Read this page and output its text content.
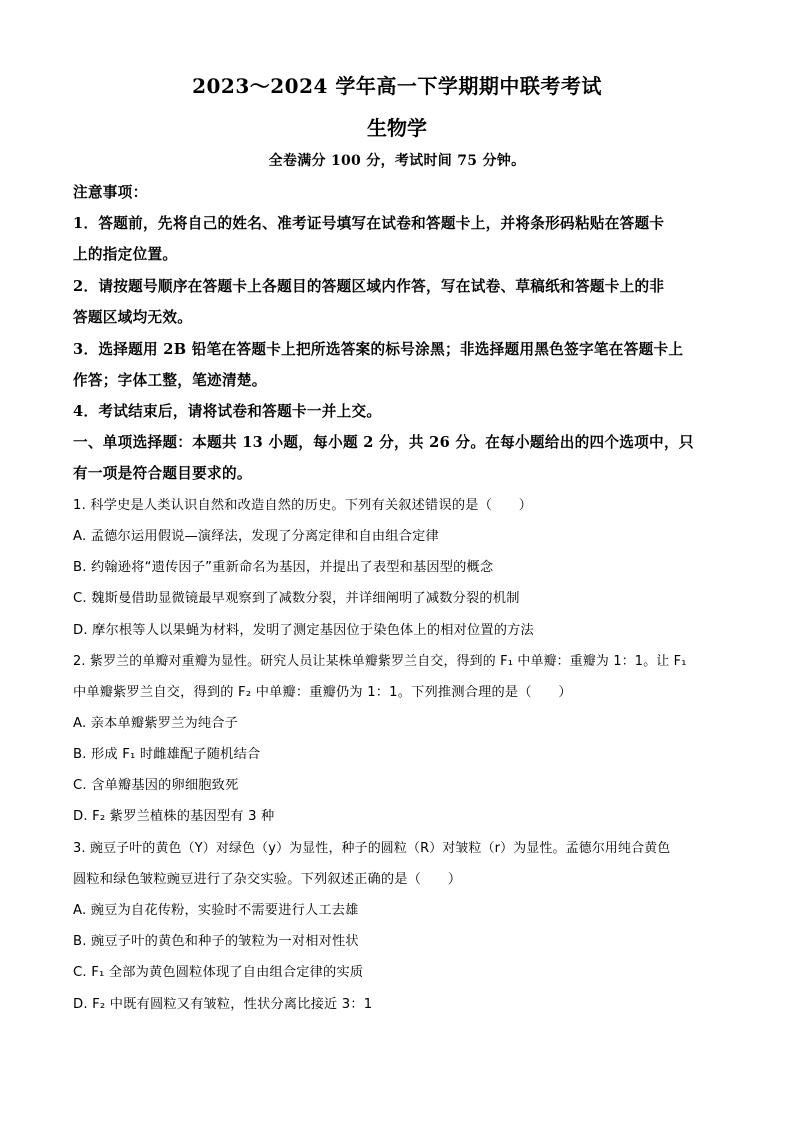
2023～2024 学年高一下学期期中联考考试
生物学
全卷满分 100 分，考试时间 75 分钟。
注意事项：
1．答题前，先将自己的姓名、准考证号填写在试卷和答题卡上，并将条形码粘贴在答题卡
上的指定位置。
2．请按题号顺序在答题卡上各题目的答题区域内作答，写在试卷、草稿纸和答题卡上的非
答题区域均无效。
3．选择题用 2B 铅笔在答题卡上把所选答案的标号涂黑；非选择题用黑色签字笔在答题卡上
作答；字体工整，笔迹清楚。
4．考试结束后，请将试卷和答题卡一并上交。
一、单项选择题：本题共 13 小题，每小题 2 分，共 26 分。在每小题给出的四个选项中，只
有一项是符合题目要求的。
1. 科学史是人类认识自然和改造自然的历史。下列有关叙述错误的是（　　）
A. 孟德尔运用假说—演绎法，发现了分离定律和自由组合定律
B. 约翰逊将“遗传因子”重新命名为基因，并提出了表型和基因型的概念
C. 魏斯曼借助显微镜最早观察到了减数分裂，并详细阐明了减数分裂的机制
D. 摩尔根等人以果蝇为材料，发明了测定基因位于染色体上的相对位置的方法
2. 紫罗兰的单瓣对重瓣为显性。研究人员让某株单瓣紫罗兰自交，得到的 F₁ 中单瓣：重瓣为 1：1。让 F₁
中单瓣紫罗兰自交，得到的 F₂ 中单瓣：重瓣仍为 1：1。下列推测合理的是（　　）
A. 亲本单瓣紫罗兰为纯合子
B. 形成 F₁ 时雌雄配子随机结合
C. 含单瓣基因的卵细胞致死
D. F₂ 紫罗兰植株的基因型有 3 种
3. 豌豆子叶的黄色（Y）对绿色（y）为显性，种子的圆粒（R）对皱粒（r）为显性。孟德尔用纯合黄色
圆粒和绿色皱粒豌豆进行了杂交实验。下列叙述正确的是（　　）
A. 豌豆为自花传粉，实验时不需要进行人工去雄
B. 豌豆子叶的黄色和种子的皱粒为一对相对性状
C. F₁ 全部为黄色圆粒体现了自由组合定律的实质
D. F₂ 中既有圆粒又有皱粒，性状分离比接近 3：1
